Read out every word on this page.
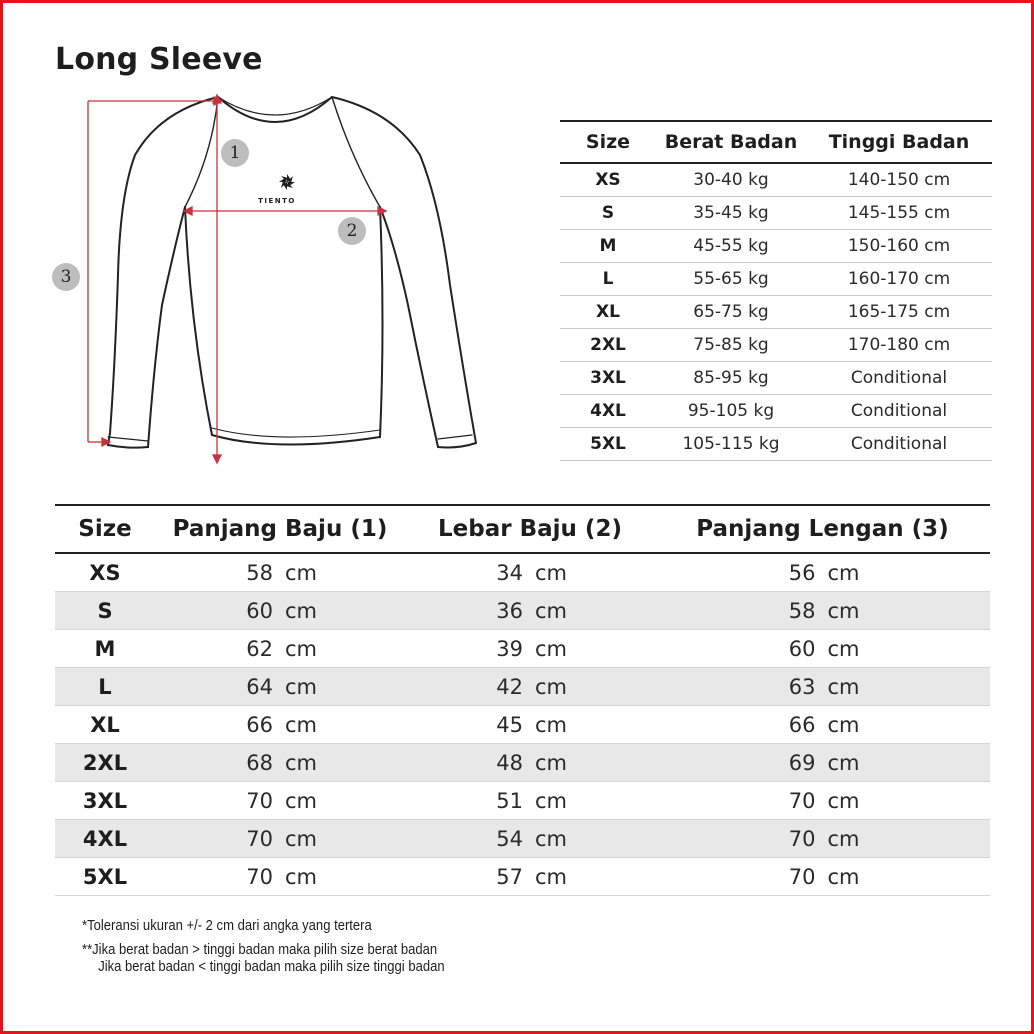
Long Sleeve
1
2
3
TIENTO
Size	Berat Badan	Tinggi Badan
XS	30-40 kg	140-150 cm
S	35-45 kg	145-155 cm
M	45-55 kg	150-160 cm
L	55-65 kg	160-170 cm
XL	65-75 kg	165-175 cm
2XL	75-85 kg	170-180 cm
3XL	85-95 kg	Conditional
4XL	95-105 kg	Conditional
5XL	105-115 kg	Conditional
Size	Panjang Baju (1)	Lebar Baju (2)	Panjang Lengan (3)
XS	58 cm	34 cm	56 cm
S	60 cm	36 cm	58 cm
M	62 cm	39 cm	60 cm
L	64 cm	42 cm	63 cm
XL	66 cm	45 cm	66 cm
2XL	68 cm	48 cm	69 cm
3XL	70 cm	51 cm	70 cm
4XL	70 cm	54 cm	70 cm
5XL	70 cm	57 cm	70 cm
*Toleransi ukuran +/- 2 cm dari angka yang tertera
**Jika berat badan > tinggi badan maka pilih size berat badan
Jika berat badan < tinggi badan maka pilih size tinggi badan
